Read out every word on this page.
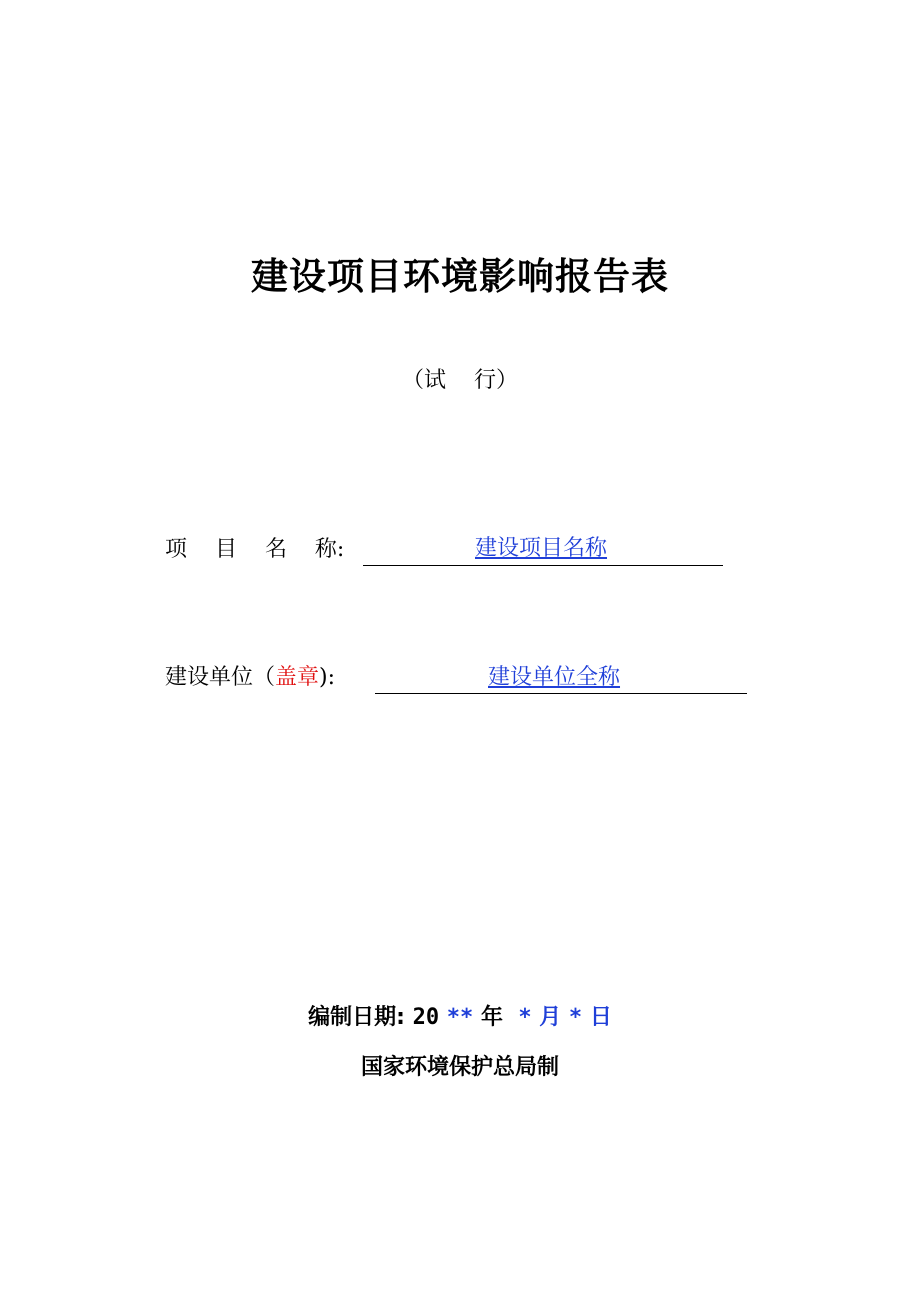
建设项目环境影响报告表
（试    行）
项    目    名    称:	建设项目名称
建设单位（盖章):	建设单位全称
编制日期: 20 ** 年 * 月 * 日
国家环境保护总局制
